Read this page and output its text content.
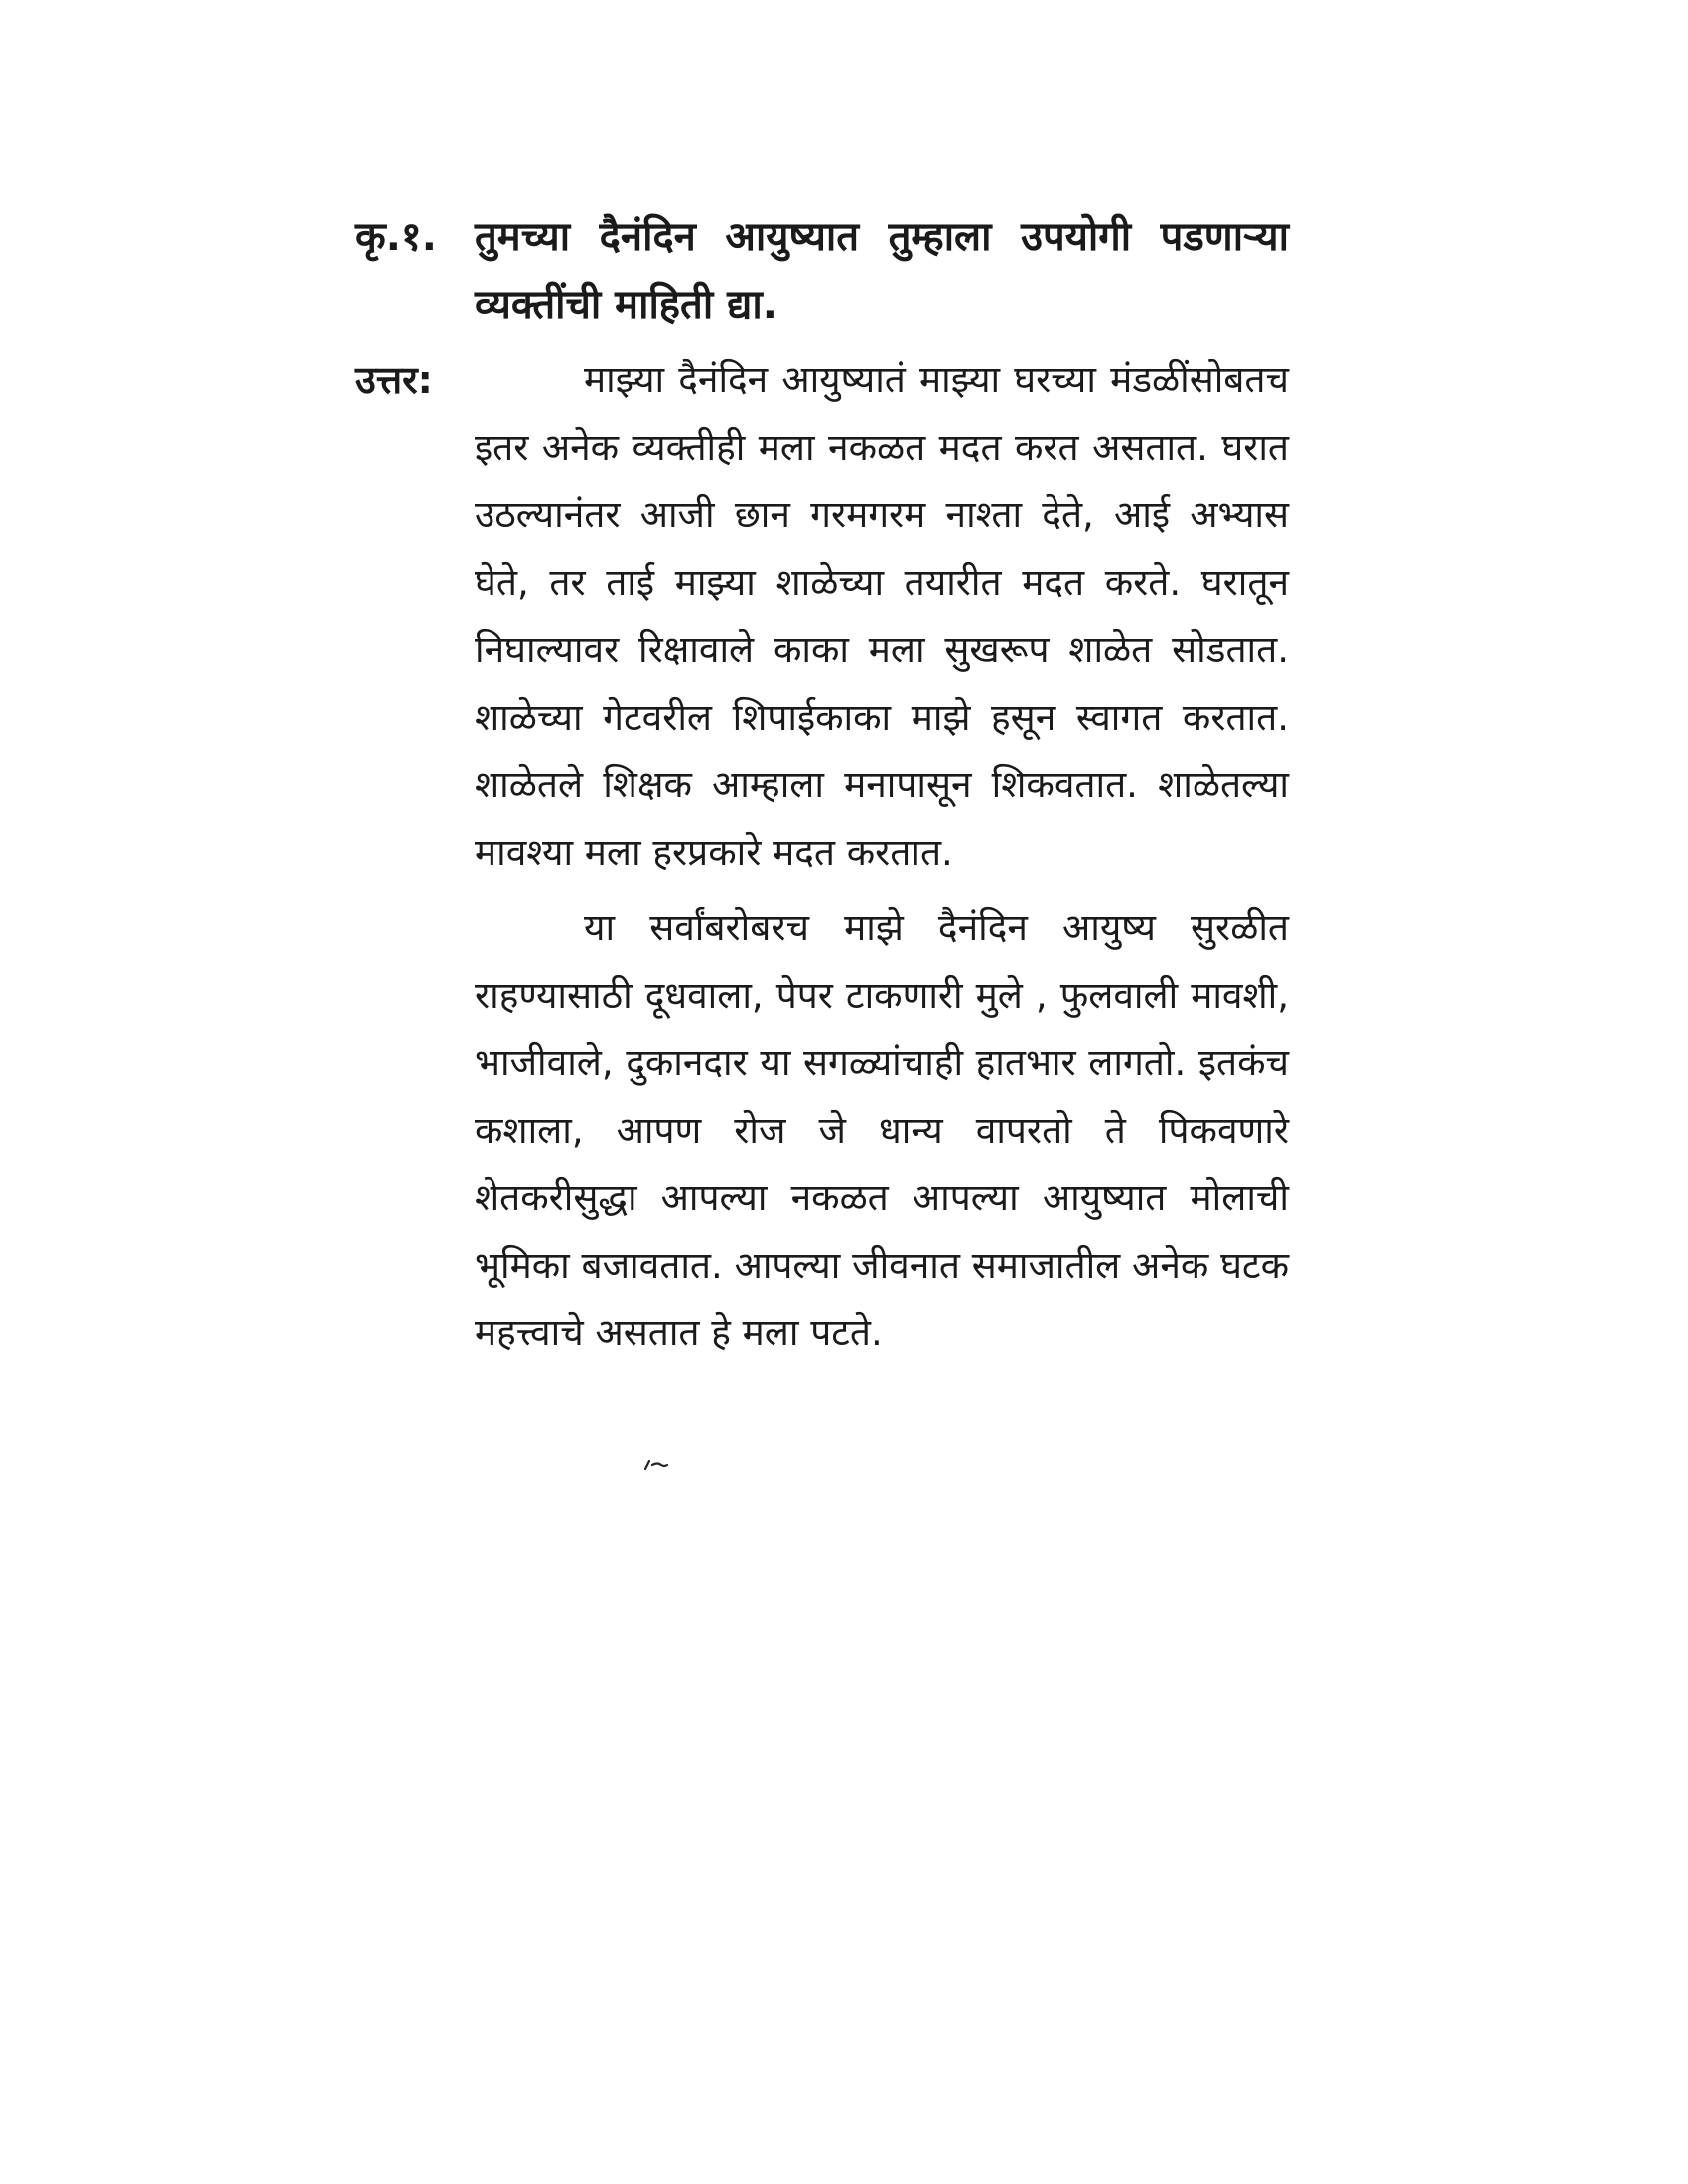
कृ.१. तुमच्या दैनंदिन आयुष्यात तुम्हाला उपयोगी पडणाऱ्या व्यक्तींची माहिती द्या.
उत्तर:	माझ्या दैनंदिन आयुष्यातं माझ्या घरच्या मंडळींसोबतच इतर अनेक व्यक्तीही मला नकळत मदत करत असतात. घरात उठल्यानंतर आजी छान गरमगरम नाश्ता देते, आई अभ्यास घेते, तर ताई माझ्या शाळेच्या तयारीत मदत करते. घरातून निघाल्यावर रिक्षावाले काका मला सुखरूप शाळेत सोडतात. शाळेच्या गेटवरील शिपाईकाका माझे हसून स्वागत करतात. शाळेतले शिक्षक आम्हाला मनापासून शिकवतात. शाळेतल्या मावश्या मला हरप्रकारे मदत करतात.

या सर्वांबरोबरच माझे दैनंदिन आयुष्य सुरळीत राहण्यासाठी दूधवाला, पेपर टाकणारी मुले , फुलवाली मावशी, भाजीवाले, दुकानदार या सगळ्यांचाही हातभार लागतो. इतकंच कशाला, आपण रोज जे धान्य वापरतो ते पिकवणारे शेतकरीसुद्धा आपल्या नकळत आपल्या आयुष्यात मोलाची भूमिका बजावतात. आपल्या जीवनात समाजातील अनेक घटक महत्त्वाचे असतात हे मला पटते.
